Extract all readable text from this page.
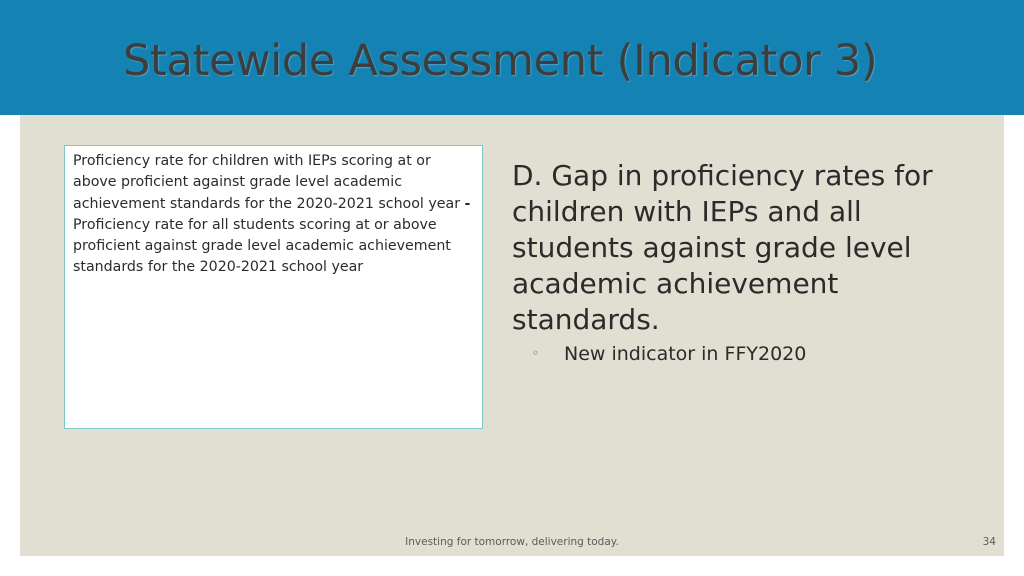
Statewide Assessment (Indicator 3)
Proficiency rate for children with IEPs scoring at or above proficient against grade level academic achievement standards for the 2020-2021 school year - Proficiency rate for all students scoring at or above proficient against grade level academic achievement standards for the 2020-2021 school year
D. Gap in proficiency rates for children with IEPs and all students against grade level academic achievement standards.
◦ New indicator in FFY2020
Investing for tomorrow, delivering today.	34
